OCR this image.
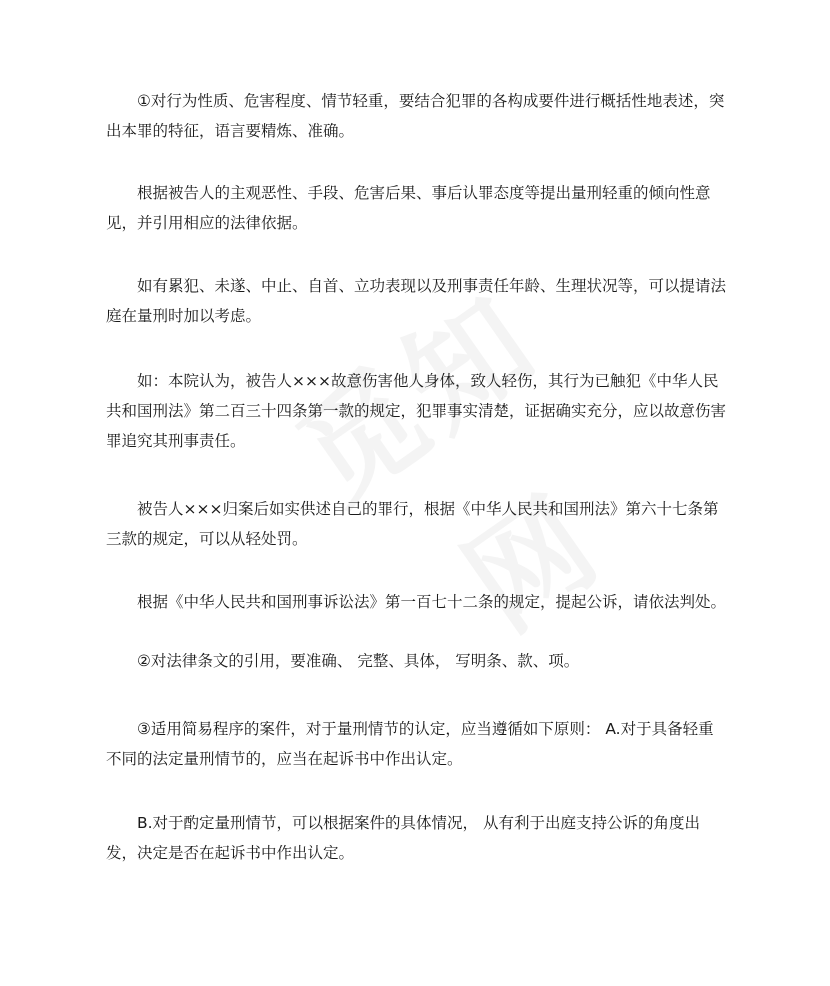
①对行为性质、危害程度、情节轻重，要结合犯罪的各构成要件进行概括性地表述，突出本罪的特征，语言要精炼、准确。

根据被告人的主观恶性、手段、危害后果、事后认罪态度等提出量刑轻重的倾向性意见，并引用相应的法律依据。

如有累犯、未遂、中止、自首、立功表现以及刑事责任年龄、生理状况等，可以提请法庭在量刑时加以考虑。

如：本院认为，被告人×××故意伤害他人身体，致人轻伤，其行为已触犯《中华人民共和国刑法》第二百三十四条第一款的规定，犯罪事实清楚，证据确实充分，应以故意伤害罪追究其刑事责任。

被告人×××归案后如实供述自己的罪行，根据《中华人民共和国刑法》第六十七条第三款的规定，可以从轻处罚。

根据《中华人民共和国刑事诉讼法》第一百七十二条的规定，提起公诉，请依法判处。

②对法律条文的引用，要准确、 完整、具体， 写明条、款、项。

③适用简易程序的案件，对于量刑情节的认定，应当遵循如下原则： A.对于具备轻重不同的法定量刑情节的，应当在起诉书中作出认定。

B.对于酌定量刑情节，可以根据案件的具体情况， 从有利于出庭支持公诉的角度出发，决定是否在起诉书中作出认定。
